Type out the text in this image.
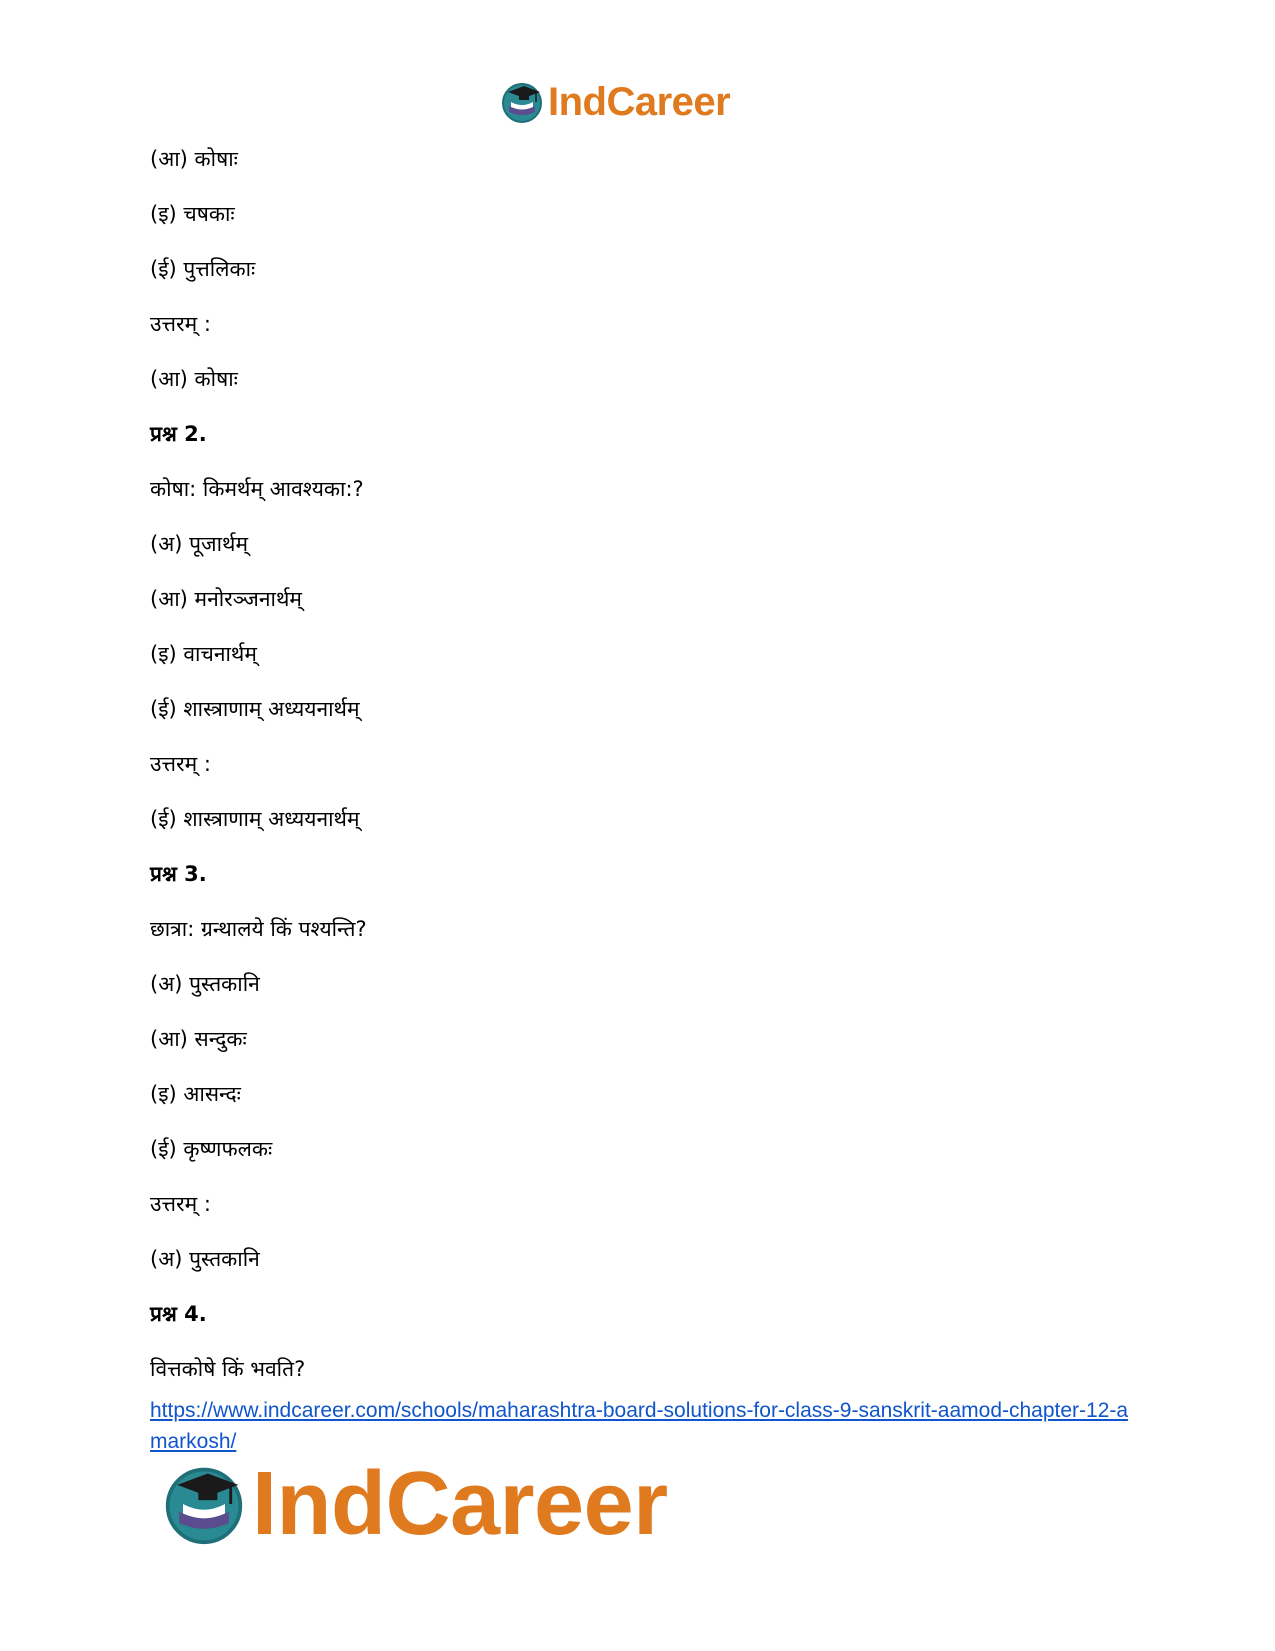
IndCareer
(आ) कोषाः
(इ) चषकाः
(ई) पुत्तलिकाः
उत्तरम् :
(आ) कोषाः
प्रश्न 2.
कोषा: किमर्थम् आवश्यका:?
(अ) पूजार्थम्
(आ) मनोरञ्जनार्थम्
(इ) वाचनार्थम्
(ई) शास्त्राणाम् अध्ययनार्थम्
उत्तरम् :
(ई) शास्त्राणाम् अध्ययनार्थम्
प्रश्न 3.
छात्रा: ग्रन्थालये किं पश्यन्ति?
(अ) पुस्तकानि
(आ) सन्दुकः
(इ) आसन्दः
(ई) कृष्णफलकः
उत्तरम् :
(अ) पुस्तकानि
प्रश्न 4.
वित्तकोषे किं भवति?
https://www.indcareer.com/schools/maharashtra-board-solutions-for-class-9-sanskrit-aamod-chapter-12-amarkosh/
IndCareer
